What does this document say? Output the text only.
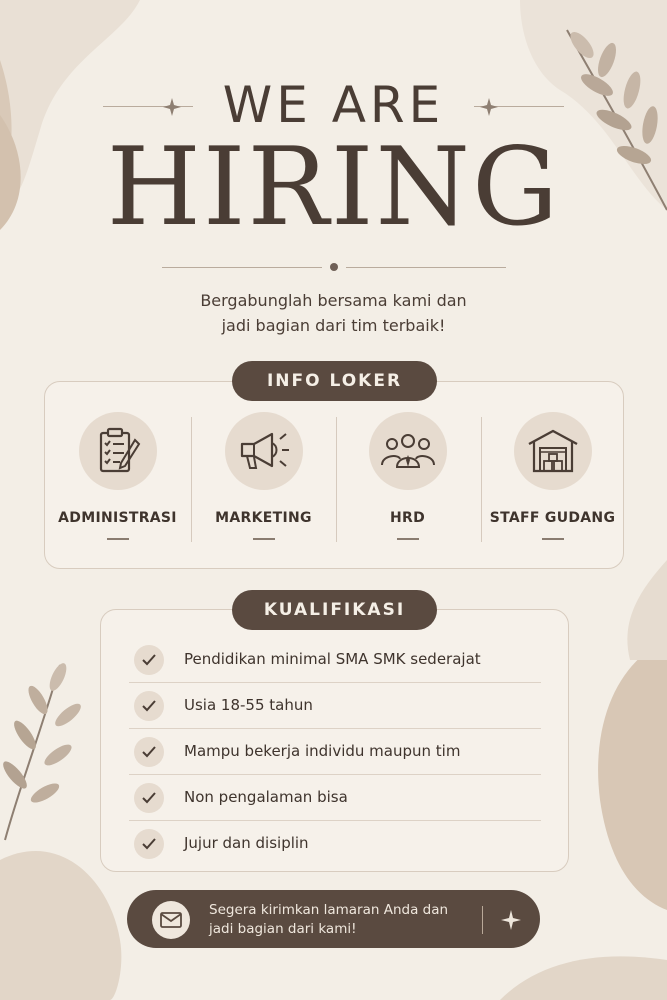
WE ARE
HIRING
Bergabunglah bersama kami dan
jadi bagian dari tim terbaik!
ADMINISTRASI	MARKETING	HRD	STAFF GUDANG
INFO LOKER
Pendidikan minimal SMA SMK sederajat
Usia 18-55 tahun
Mampu bekerja individu maupun tim
Non pengalaman bisa
Jujur dan disiplin
KUALIFIKASI
Segera kirimkan lamaran Anda dan
jadi bagian dari kami!
